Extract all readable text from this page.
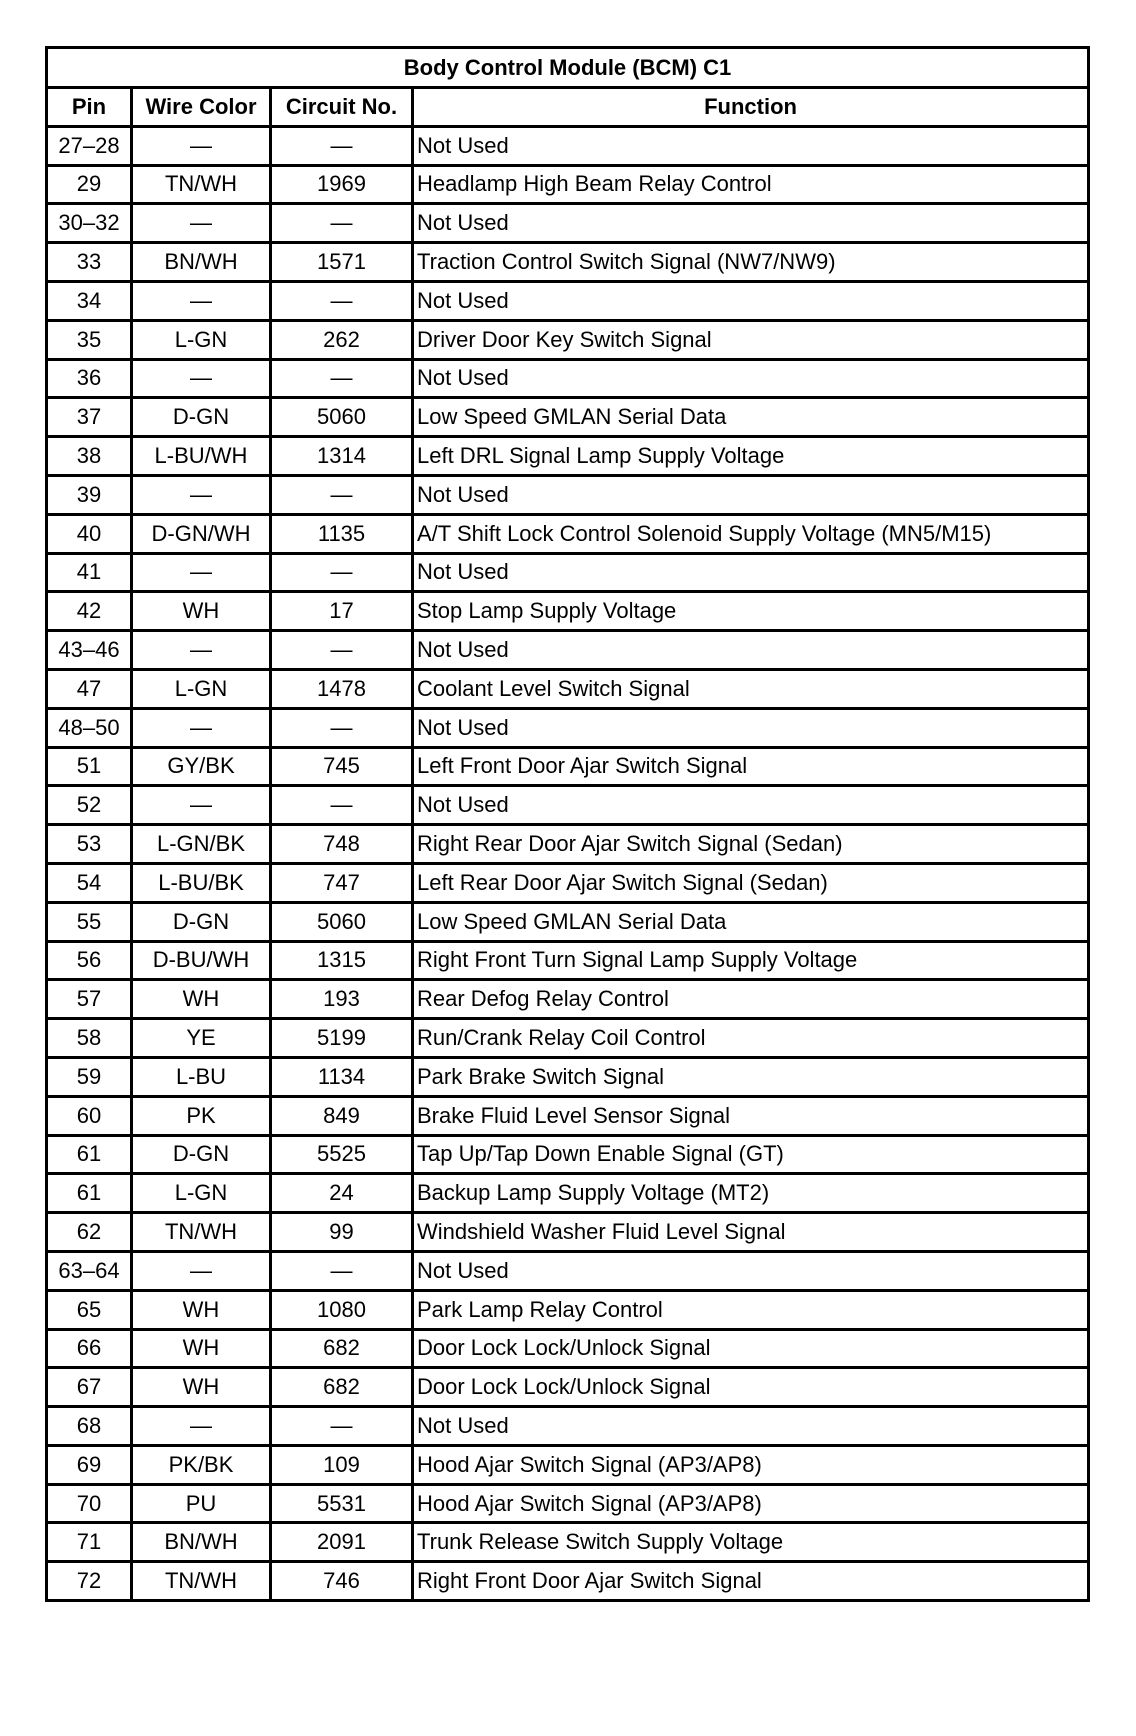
Body Control Module (BCM) C1			
Pin	Wire Color	Circuit No.	Function
27–28	—	—	Not Used
29	TN/WH	1969	Headlamp High Beam Relay Control
30–32	—	—	Not Used
33	BN/WH	1571	Traction Control Switch Signal (NW7/NW9)
34	—	—	Not Used
35	L-GN	262	Driver Door Key Switch Signal
36	—	—	Not Used
37	D-GN	5060	Low Speed GMLAN Serial Data
38	L-BU/WH	1314	Left DRL Signal Lamp Supply Voltage
39	—	—	Not Used
40	D-GN/WH	1135	A/T Shift Lock Control Solenoid Supply Voltage (MN5/M15)
41	—	—	Not Used
42	WH	17	Stop Lamp Supply Voltage
43–46	—	—	Not Used
47	L-GN	1478	Coolant Level Switch Signal
48–50	—	—	Not Used
51	GY/BK	745	Left Front Door Ajar Switch Signal
52	—	—	Not Used
53	L-GN/BK	748	Right Rear Door Ajar Switch Signal (Sedan)
54	L-BU/BK	747	Left Rear Door Ajar Switch Signal (Sedan)
55	D-GN	5060	Low Speed GMLAN Serial Data
56	D-BU/WH	1315	Right Front Turn Signal Lamp Supply Voltage
57	WH	193	Rear Defog Relay Control
58	YE	5199	Run/Crank Relay Coil Control
59	L-BU	1134	Park Brake Switch Signal
60	PK	849	Brake Fluid Level Sensor Signal
61	D-GN	5525	Tap Up/Tap Down Enable Signal (GT)
61	L-GN	24	Backup Lamp Supply Voltage (MT2)
62	TN/WH	99	Windshield Washer Fluid Level Signal
63–64	—	—	Not Used
65	WH	1080	Park Lamp Relay Control
66	WH	682	Door Lock Lock/Unlock Signal
67	WH	682	Door Lock Lock/Unlock Signal
68	—	—	Not Used
69	PK/BK	109	Hood Ajar Switch Signal (AP3/AP8)
70	PU	5531	Hood Ajar Switch Signal (AP3/AP8)
71	BN/WH	2091	Trunk Release Switch Supply Voltage
72	TN/WH	746	Right Front Door Ajar Switch Signal
